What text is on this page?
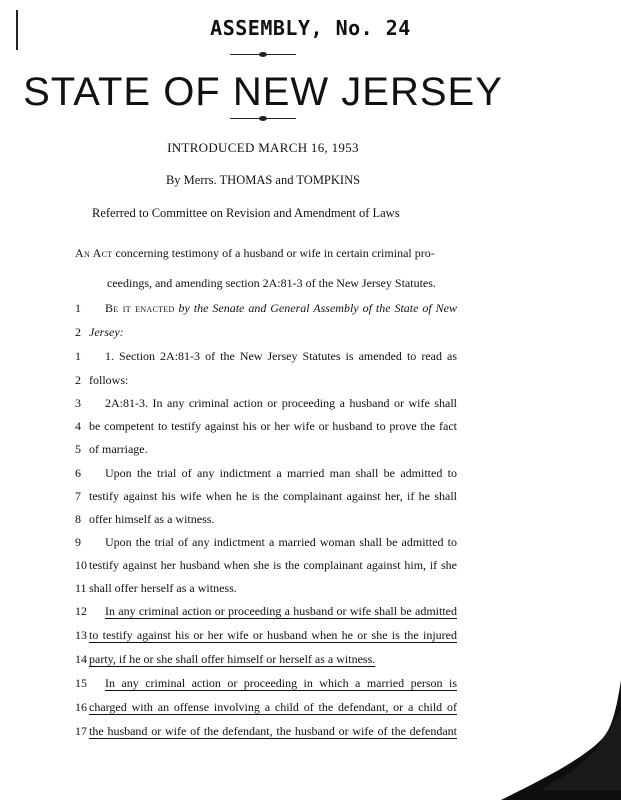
ASSEMBLY, No. 24
STATE OF NEW JERSEY
INTRODUCED MARCH 16, 1953
By Merrs. THOMAS and TOMPKINS
Referred to Committee on Revision and Amendment of Laws
An Act concerning testimony of a husband or wife in certain criminal pro-
ceedings, and amending section 2A:81-3 of the New Jersey Statutes.
1	Be it enacted by the Senate and General Assembly of the State of New
2 Jersey:
1	1. Section 2A:81-3 of the New Jersey Statutes is amended to read as
2 follows:
3	2A:81-3. In any criminal action or proceeding a husband or wife shall
4 be competent to testify against his or her wife or husband to prove the fact
5 of marriage.
6	Upon the trial of any indictment a married man shall be admitted to
7 testify against his wife when he is the complainant against her, if he shall
8 offer himself as a witness.
9	Upon the trial of any indictment a married woman shall be admitted to
10 testify against her husband when she is the complainant against him, if she
11 shall offer herself as a witness.
12 In any criminal action or proceeding a husband or wife shall be admitted
13 to testify against his or her wife or husband when he or she is the injured
14 party, if he or she shall offer himself or herself as a witness.
15 In any criminal action or proceeding in which a married person is
16 charged with an offense involving a child of the defendant, or a child of
17 the husband or wife of the defendant, the husband or wife of the defendant
